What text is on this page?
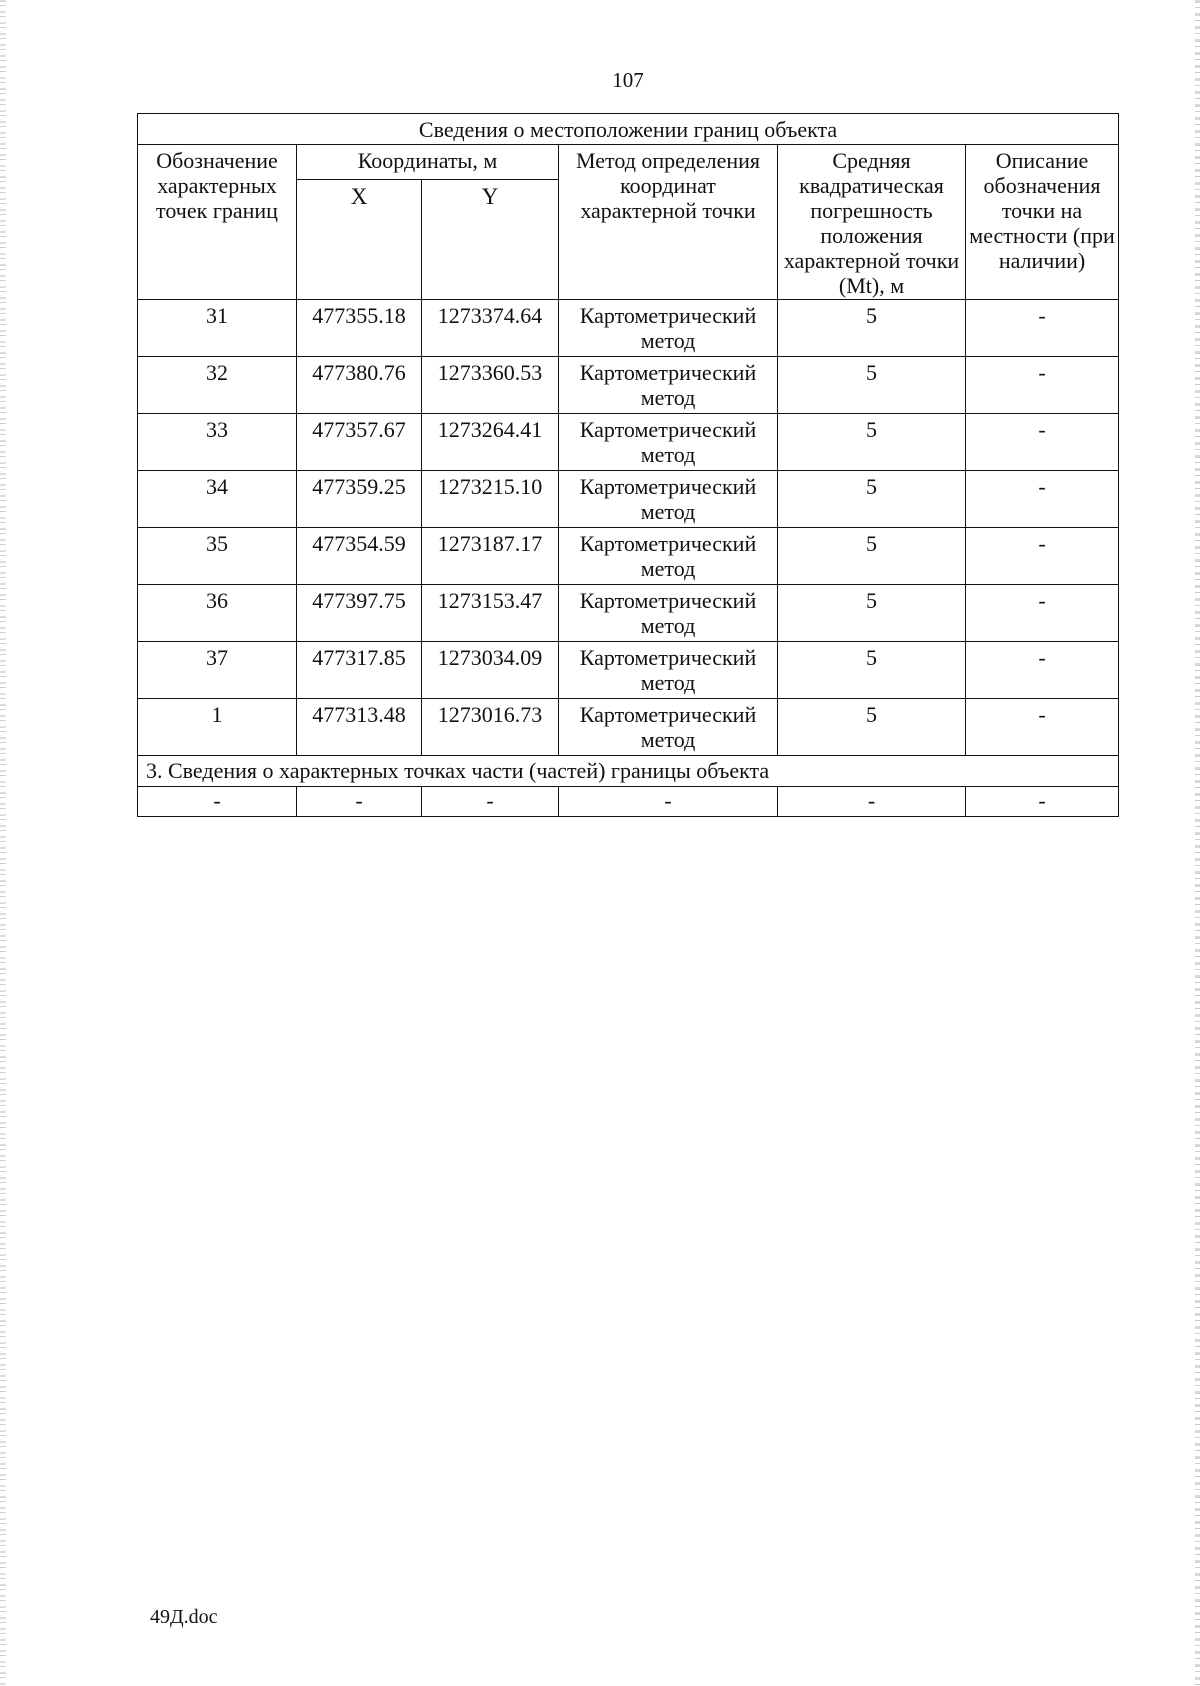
107
Сведения о местоположении границ объекта					
Обозначение характерных точек границ	Координаты, м		Метод определения координат характерной точки	Средняя квадратическая погрешность положения характерной точки (Mt), м	Описание обозначения точки на местности (при наличии)
	X	Y			
31	477355.18	1273374.64	Картометрический метод	5	-
32	477380.76	1273360.53	Картометрический метод	5	-
33	477357.67	1273264.41	Картометрический метод	5	-
34	477359.25	1273215.10	Картометрический метод	5	-
35	477354.59	1273187.17	Картометрический метод	5	-
36	477397.75	1273153.47	Картометрический метод	5	-
37	477317.85	1273034.09	Картометрический метод	5	-
1	477313.48	1273016.73	Картометрический метод	5	-
3. Сведения о характерных точках части (частей) границы объекта					
-	-	-	-	-	-
49Д.doc
